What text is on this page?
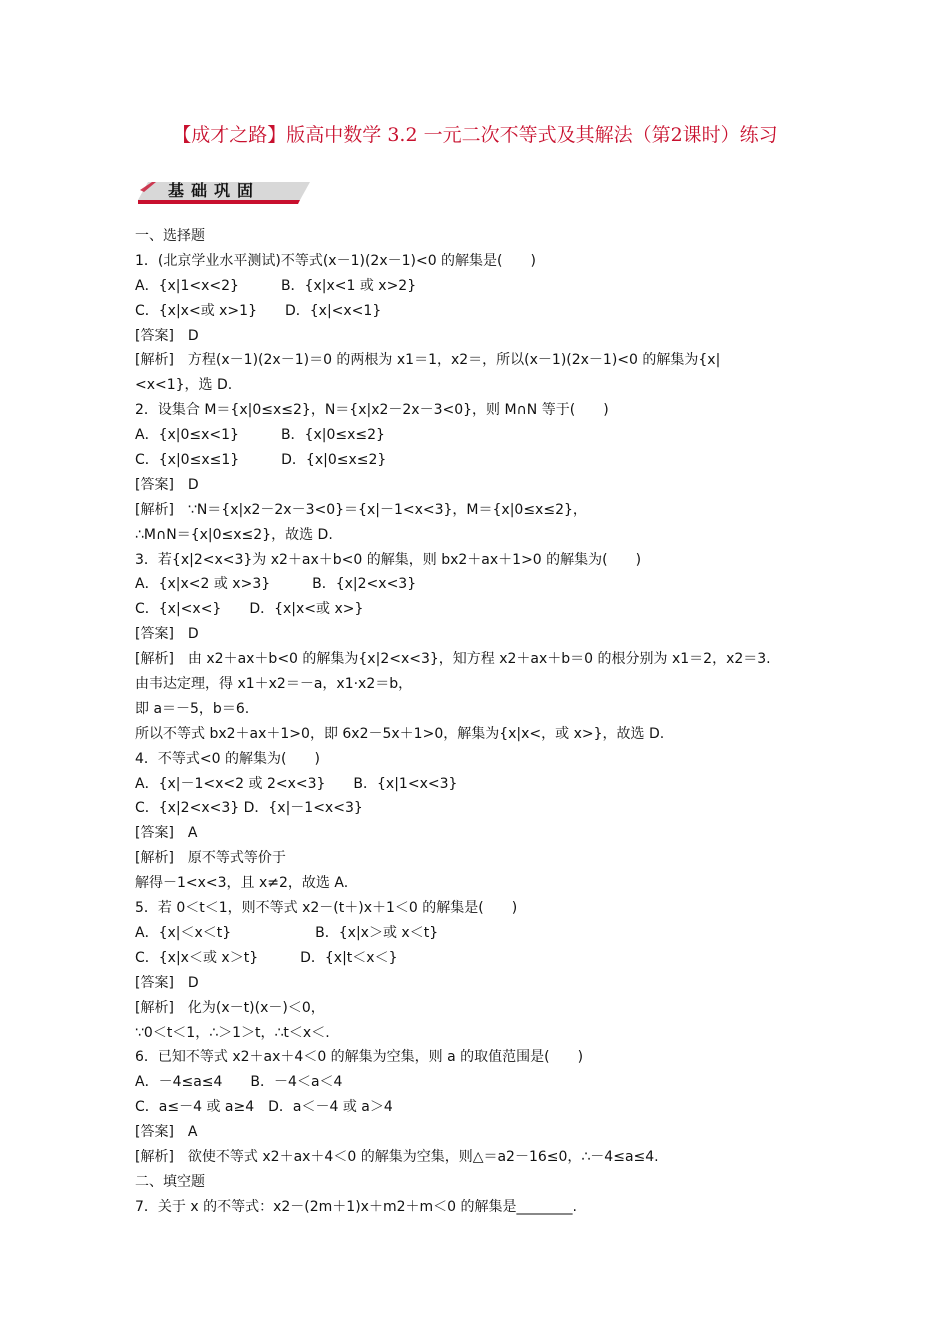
【成才之路】版高中数学 3.2 一元二次不等式及其解法（第2课时）练习
基础巩固
一、选择题
1．(北京学业水平测试)不等式(x－1)(2x－1)<0 的解集是(　　)
A．{x|1<x<2}　　　B．{x|x<1 或 x>2}
C．{x|x<或 x>1}　　D．{x|<x<1}
[答案]　D
[解析]　方程(x－1)(2x－1)＝0 的两根为 x1＝1，x2＝，所以(x－1)(2x－1)<0 的解集为{x|
<x<1}，选 D.
2．设集合 M＝{x|0≤x≤2}，N＝{x|x2－2x－3<0}，则 M∩N 等于(　　)
A．{x|0≤x<1}　　　B．{x|0≤x≤2}
C．{x|0≤x≤1}　　　D．{x|0≤x≤2}
[答案]　D
[解析]　∵N＝{x|x2－2x－3<0}＝{x|－1<x<3}，M＝{x|0≤x≤2}，
∴M∩N＝{x|0≤x≤2}，故选 D.
3．若{x|2<x<3}为 x2＋ax＋b<0 的解集，则 bx2＋ax＋1>0 的解集为(　　)
A．{x|x<2 或 x>3}　　　B．{x|2<x<3}
C．{x|<x<}　　D．{x|x<或 x>}
[答案]　D
[解析]　由 x2＋ax＋b<0 的解集为{x|2<x<3}，知方程 x2＋ax＋b＝0 的根分别为 x1＝2，x2＝3.
由韦达定理，得 x1＋x2＝－a，x1·x2＝b，
即 a＝－5，b＝6.
所以不等式 bx2＋ax＋1>0，即 6x2－5x＋1>0，解集为{x|x<，或 x>}，故选 D.
4．不等式<0 的解集为(　　)
A．{x|－1<x<2 或 2<x<3}　　B．{x|1<x<3}
C．{x|2<x<3} D．{x|－1<x<3}
[答案]　A
[解析]　原不等式等价于
解得－1<x<3，且 x≠2，故选 A.
5．若 0＜t＜1，则不等式 x2－(t＋)x＋1＜0 的解集是(　　)
A．{x|＜x＜t}　　　　　　B．{x|x＞或 x＜t}
C．{x|x＜或 x＞t}　　　D．{x|t＜x＜}
[答案]　D
[解析]　化为(x－t)(x－)＜0，
∵0＜t＜1，∴＞1＞t，∴t＜x＜.
6．已知不等式 x2＋ax＋4＜0 的解集为空集，则 a 的取值范围是(　　)
A．－4≤a≤4　　B．－4＜a＜4
C．a≤－4 或 a≥4　D．a＜－4 或 a＞4
[答案]　A
[解析]　欲使不等式 x2＋ax＋4＜0 的解集为空集，则△＝a2－16≤0，∴－4≤a≤4.
二、填空题
7．关于 x 的不等式：x2－(2m＋1)x＋m2＋m＜0 的解集是________.
